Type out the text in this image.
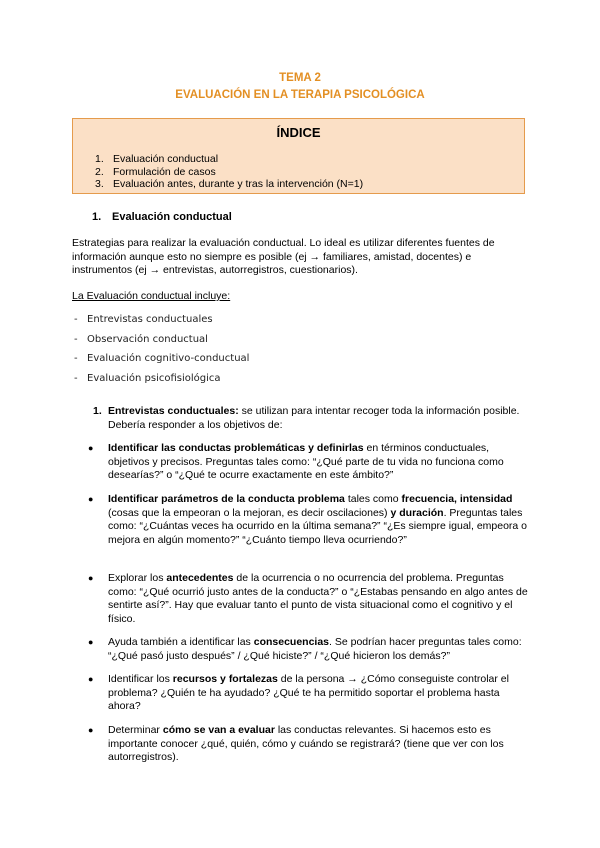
TEMA 2
EVALUACIÓN EN LA TERAPIA PSICOLÓGICA
ÍNDICE
1. Evaluación conductual
2. Formulación de casos
3. Evaluación antes, durante y tras la intervención (N=1)
1. Evaluación conductual
Estrategias para realizar la evaluación conductual. Lo ideal es utilizar diferentes fuentes de información aunque esto no siempre es posible (ej → familiares, amistad, docentes) e instrumentos (ej → entrevistas, autorregistros, cuestionarios).
La Evaluación conductual incluye:
- Entrevistas conductuales
- Observación conductual
- Evaluación cognitivo-conductual
- Evaluación psicofisiológica
1. Entrevistas conductuales: se utilizan para intentar recoger toda la información posible. Debería responder a los objetivos de:
● Identificar las conductas problemáticas y definirlas en términos conductuales, objetivos y precisos. Preguntas tales como: “¿Qué parte de tu vida no funciona como desearías?” o “¿Qué te ocurre exactamente en este ámbito?”
● Identificar parámetros de la conducta problema tales como frecuencia, intensidad (cosas que la empeoran o la mejoran, es decir oscilaciones) y duración. Preguntas tales como: “¿Cuántas veces ha ocurrido en la última semana?” “¿Es siempre igual, empeora o mejora en algún momento?” “¿Cuánto tiempo lleva ocurriendo?”
● Explorar los antecedentes de la ocurrencia o no ocurrencia del problema. Preguntas como: “¿Qué ocurrió justo antes de la conducta?” o “¿Estabas pensando en algo antes de sentirte así?”. Hay que evaluar tanto el punto de vista situacional como el cognitivo y el físico.
● Ayuda también a identificar las consecuencias. Se podrían hacer preguntas tales como: “¿Qué pasó justo después” / ¿Qué hiciste?” / “¿Qué hicieron los demás?”
● Identificar los recursos y fortalezas de la persona → ¿Cómo conseguiste controlar el problema? ¿Quién te ha ayudado? ¿Qué te ha permitido soportar el problema hasta ahora?
● Determinar cómo se van a evaluar las conductas relevantes. Si hacemos esto es importante conocer ¿qué, quién, cómo y cuándo se registrará? (tiene que ver con los autorregistros).
